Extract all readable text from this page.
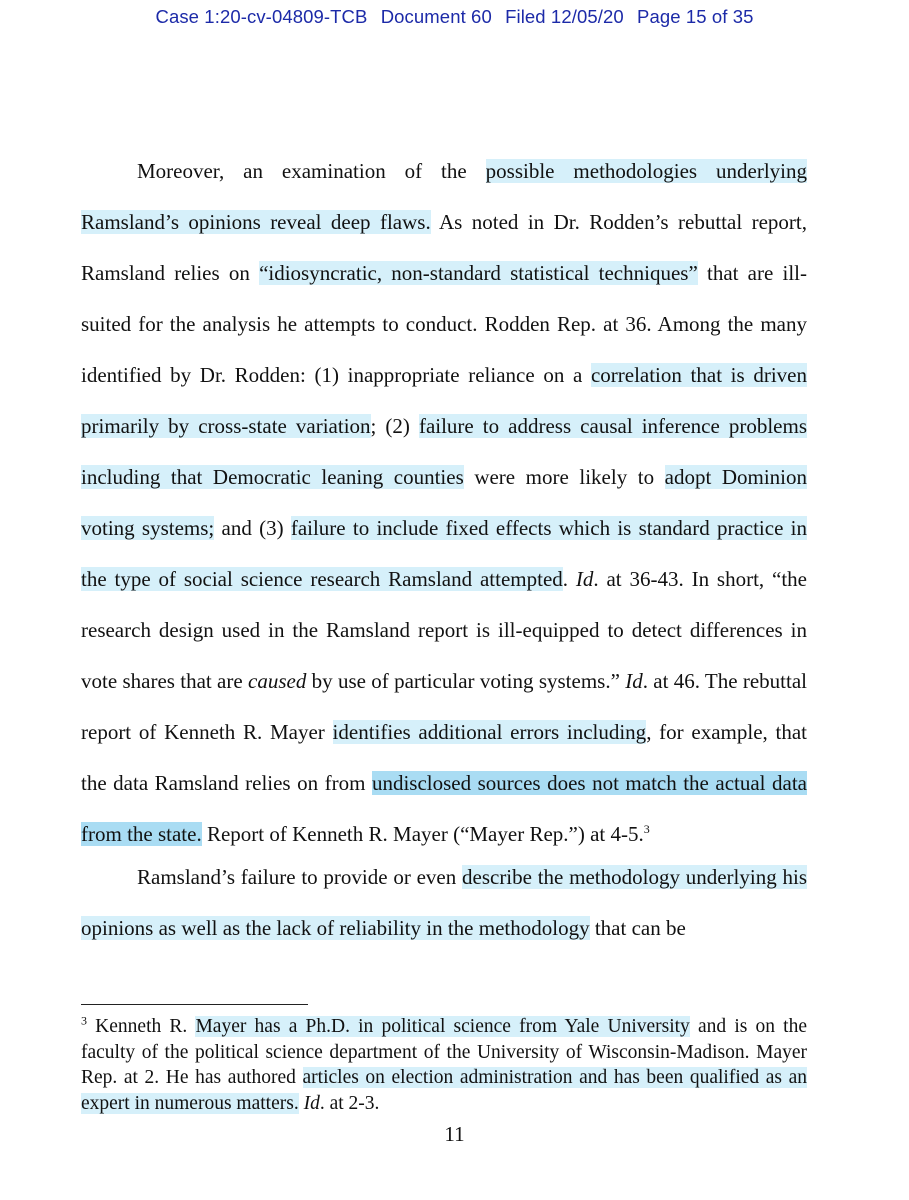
Case 1:20-cv-04809-TCB Document 60 Filed 12/05/20 Page 15 of 35

Moreover, an examination of the possible methodologies underlying Ramsland’s opinions reveal deep flaws. As noted in Dr. Rodden’s rebuttal report, Ramsland relies on “idiosyncratic, non-standard statistical techniques” that are ill-suited for the analysis he attempts to conduct. Rodden Rep. at 36. Among the many identified by Dr. Rodden: (1) inappropriate reliance on a correlation that is driven primarily by cross-state variation; (2) failure to address causal inference problems including that Democratic leaning counties were more likely to adopt Dominion voting systems; and (3) failure to include fixed effects which is standard practice in the type of social science research Ramsland attempted. Id. at 36-43. In short, “the research design used in the Ramsland report is ill-equipped to detect differences in vote shares that are caused by use of particular voting systems.” Id. at 46. The rebuttal report of Kenneth R. Mayer identifies additional errors including, for example, that the data Ramsland relies on from undisclosed sources does not match the actual data from the state. Report of Kenneth R. Mayer (“Mayer Rep.”) at 4-5.$^3$

Ramsland’s failure to provide or even describe the methodology underlying his opinions as well as the lack of reliability in the methodology that can be

$^3$ Kenneth R. Mayer has a Ph.D. in political science from Yale University and is on the faculty of the political science department of the University of Wisconsin-Madison. Mayer Rep. at 2. He has authored articles on election administration and has been qualified as an expert in numerous matters. Id. at 2-3.

11
